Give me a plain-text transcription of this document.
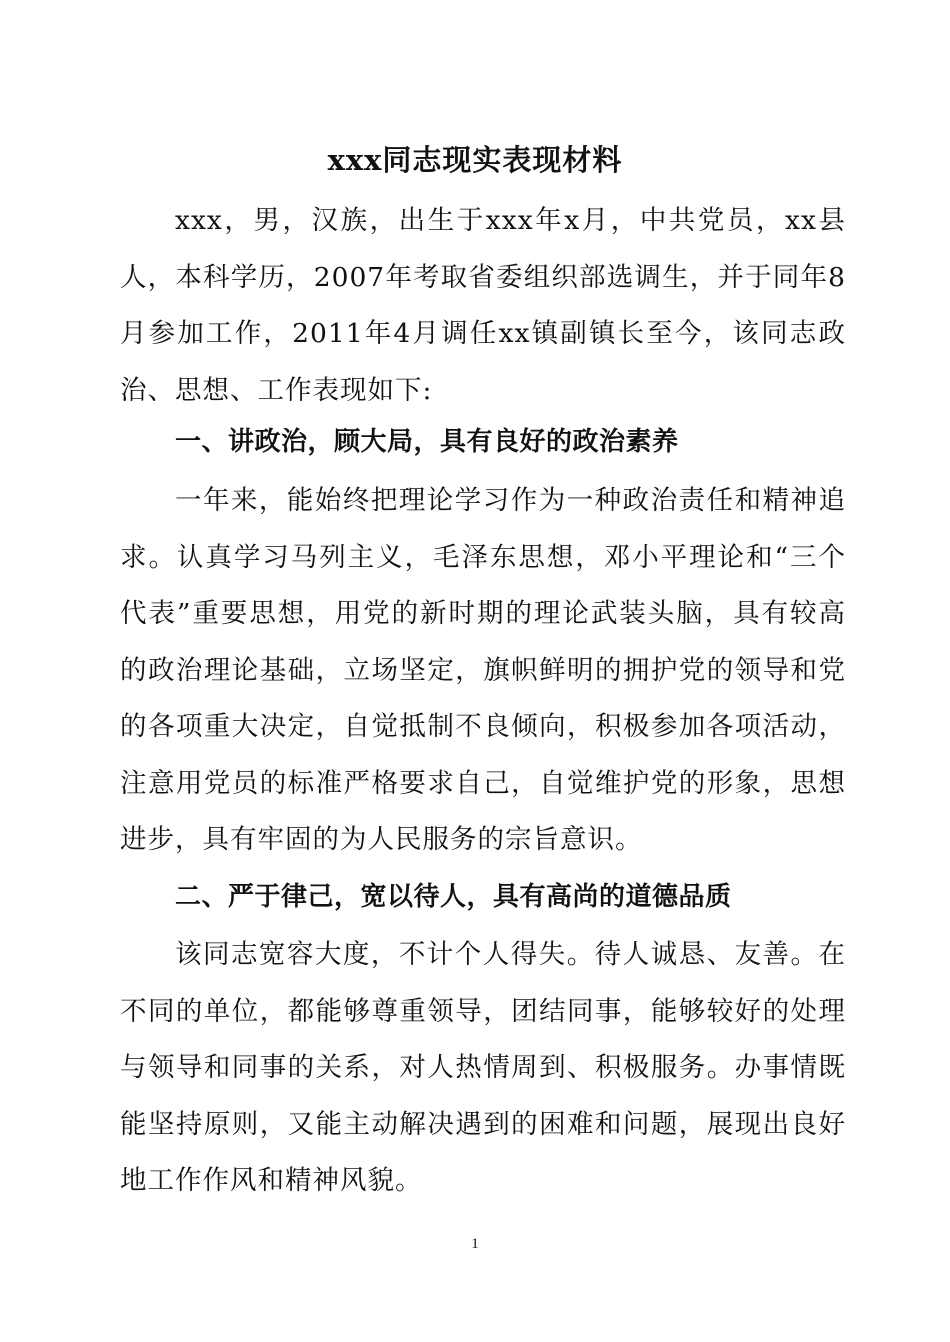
xxx同志现实表现材料

xxx，男，汉族，出生于xxx年x月，中共党员，xx县人，本科学历，2007年考取省委组织部选调生，并于同年8月参加工作，2011年4月调任xx镇副镇长至今，该同志政治、思想、工作表现如下:

一、讲政治，顾大局，具有良好的政治素养

一年来，能始终把理论学习作为一种政治责任和精神追求。认真学习马列主义，毛泽东思想，邓小平理论和“三个代表”重要思想，用党的新时期的理论武装头脑，具有较高的政治理论基础，立场坚定，旗帜鲜明的拥护党的领导和党的各项重大决定，自觉抵制不良倾向，积极参加各项活动，注意用党员的标准严格要求自己，自觉维护党的形象，思想进步，具有牢固的为人民服务的宗旨意识。

二、严于律己，宽以待人，具有高尚的道德品质

该同志宽容大度，不计个人得失。待人诚恳、友善。在不同的单位，都能够尊重领导，团结同事，能够较好的处理与领导和同事的关系，对人热情周到、积极服务。办事情既能坚持原则，又能主动解决遇到的困难和问题，展现出良好地工作作风和精神风貌。

1
